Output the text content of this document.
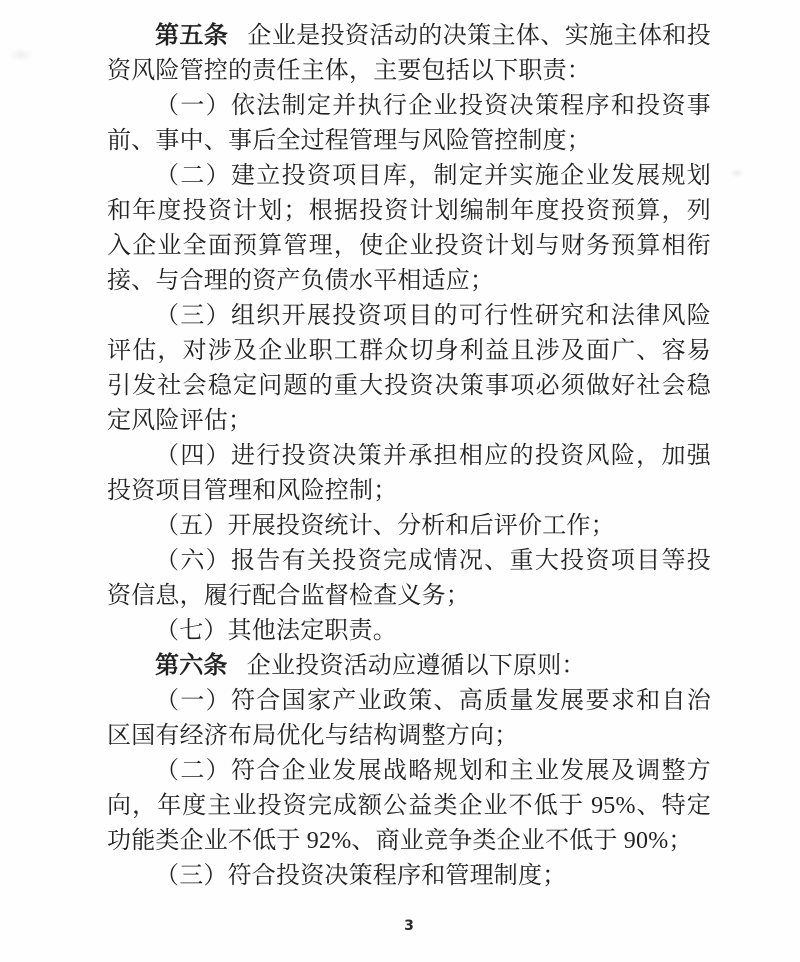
第五条 企业是投资活动的决策主体、实施主体和投资风险管控的责任主体，主要包括以下职责：

（一）依法制定并执行企业投资决策程序和投资事前、事中、事后全过程管理与风险管控制度；

（二）建立投资项目库，制定并实施企业发展规划和年度投资计划；根据投资计划编制年度投资预算，列入企业全面预算管理，使企业投资计划与财务预算相衔接、与合理的资产负债水平相适应；

（三）组织开展投资项目的可行性研究和法律风险评估，对涉及企业职工群众切身利益且涉及面广、容易引发社会稳定问题的重大投资决策事项必须做好社会稳定风险评估；

（四）进行投资决策并承担相应的投资风险，加强投资项目管理和风险控制；

（五）开展投资统计、分析和后评价工作；

（六）报告有关投资完成情况、重大投资项目等投资信息，履行配合监督检查义务；

（七）其他法定职责。

第六条 企业投资活动应遵循以下原则：

（一）符合国家产业政策、高质量发展要求和自治区国有经济布局优化与结构调整方向；

（二）符合企业发展战略规划和主业发展及调整方向，年度主业投资完成额公益类企业不低于 95%、特定功能类企业不低于 92%、商业竞争类企业不低于 90%；

（三）符合投资决策程序和管理制度；

3
